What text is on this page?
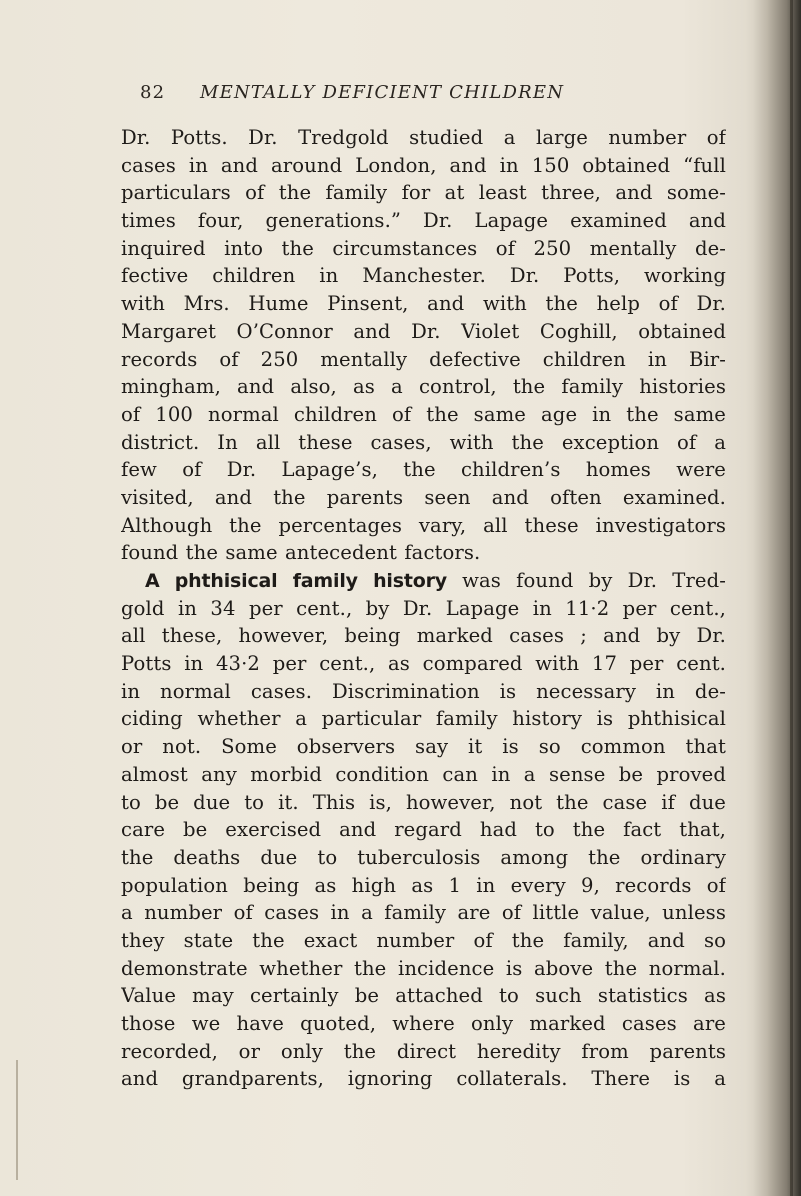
82 MENTALLY DEFICIENT CHILDREN
Dr. Potts. Dr. Tredgold studied a large number of
cases in and around London, and in 150 obtained “full
particulars of the family for at least three, and some-
times four, generations.” Dr. Lapage examined and
inquired into the circumstances of 250 mentally de-
fective children in Manchester. Dr. Potts, working
with Mrs. Hume Pinsent, and with the help of Dr.
Margaret O’Connor and Dr. Violet Coghill, obtained
records of 250 mentally defective children in Bir-
mingham, and also, as a control, the family histories
of 100 normal children of the same age in the same
district. In all these cases, with the exception of a
few of Dr. Lapage’s, the children’s homes were
visited, and the parents seen and often examined.
Although the percentages vary, all these investigators
found the same antecedent factors.
A phthisical family history was found by Dr. Tred-
gold in 34 per cent., by Dr. Lapage in 11·2 per cent.,
all these, however, being marked cases ; and by Dr.
Potts in 43·2 per cent., as compared with 17 per cent.
in normal cases. Discrimination is necessary in de-
ciding whether a particular family history is phthisical
or not. Some observers say it is so common that
almost any morbid condition can in a sense be proved
to be due to it. This is, however, not the case if due
care be exercised and regard had to the fact that,
the deaths due to tuberculosis among the ordinary
population being as high as 1 in every 9, records of
a number of cases in a family are of little value, unless
they state the exact number of the family, and so
demonstrate whether the incidence is above the normal.
Value may certainly be attached to such statistics as
those we have quoted, where only marked cases are
recorded, or only the direct heredity from parents
and grandparents, ignoring collaterals. There is a
